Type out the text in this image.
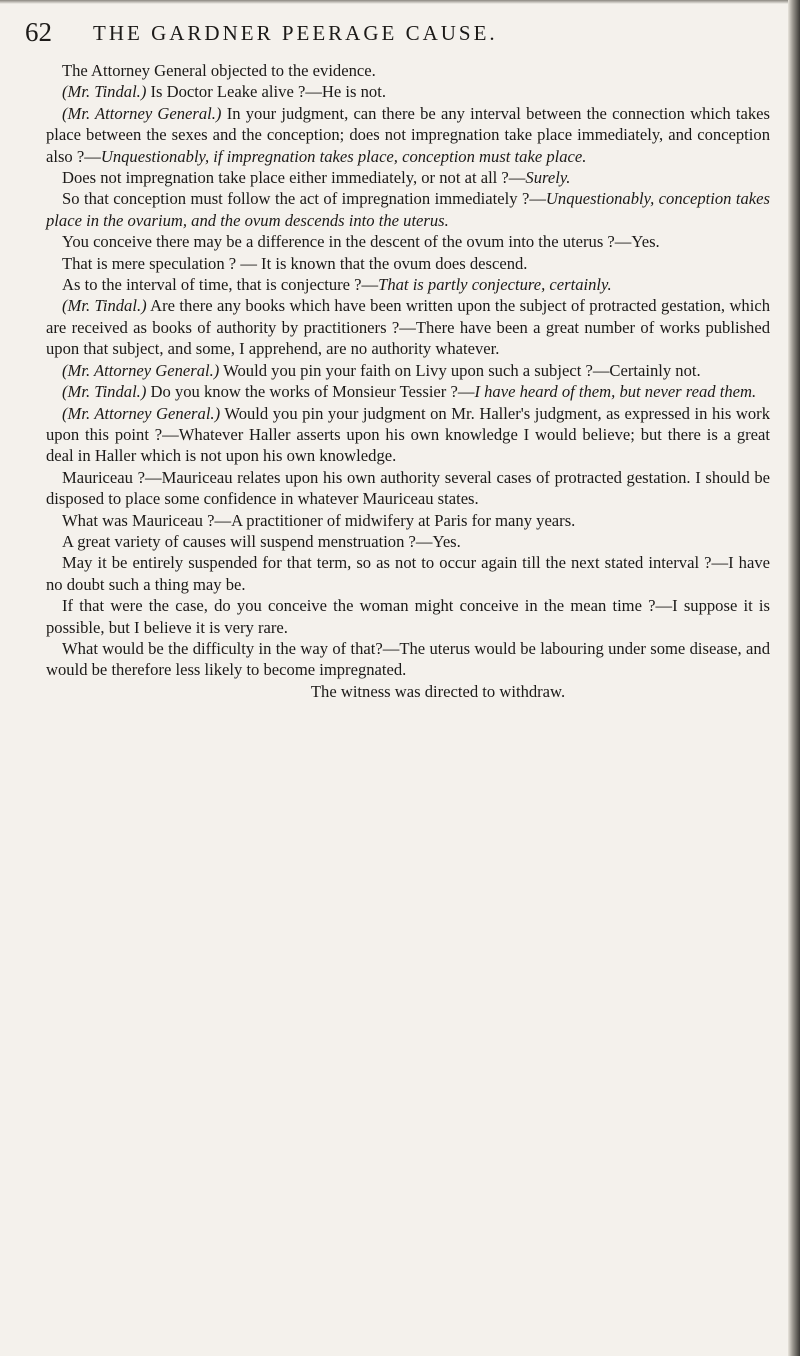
62 THE GARDNER PEERAGE CAUSE.

The Attorney General objected to the evidence.

(Mr. Tindal.) Is Doctor Leake alive ?—He is not.

(Mr. Attorney General.) In your judgment, can there be any interval between the connection which takes place between the sexes and the conception; does not impregnation take place immediately, and conception also ?—Unquestionably, if impregnation takes place, conception must take place.

Does not impregnation take place either immediately, or not at all ?—Surely.

So that conception must follow the act of impregnation immediately ?—Unquestionably, conception takes place in the ovarium, and the ovum descends into the uterus.

You conceive there may be a difference in the descent of the ovum into the uterus ?—Yes.

That is mere speculation ? — It is known that the ovum does descend.

As to the interval of time, that is conjecture ?—That is partly conjecture, certainly.

(Mr. Tindal.) Are there any books which have been written upon the subject of protracted gestation, which are received as books of authority by practitioners ?—There have been a great number of works published upon that subject, and some, I apprehend, are no authority whatever.

(Mr. Attorney General.) Would you pin your faith on Livy upon such a subject ?—Certainly not.

(Mr. Tindal.) Do you know the works of Monsieur Tessier ?—I have heard of them, but never read them.

(Mr. Attorney General.) Would you pin your judgment on Mr. Haller's judgment, as expressed in his work upon this point ?—Whatever Haller asserts upon his own knowledge I would believe; but there is a great deal in Haller which is not upon his own knowledge.

Mauriceau ?—Mauriceau relates upon his own authority several cases of protracted gestation. I should be disposed to place some confidence in whatever Mauriceau states.

What was Mauriceau ?—A practitioner of midwifery at Paris for many years.

A great variety of causes will suspend menstruation ?—Yes.

May it be entirely suspended for that term, so as not to occur again till the next stated interval ?—I have no doubt such a thing may be.

If that were the case, do you conceive the woman might conceive in the mean time ?—I suppose it is possible, but I believe it is very rare.

What would be the difficulty in the way of that?—The uterus would be labouring under some disease, and would be therefore less likely to become impregnated.

The witness was directed to withdraw.
